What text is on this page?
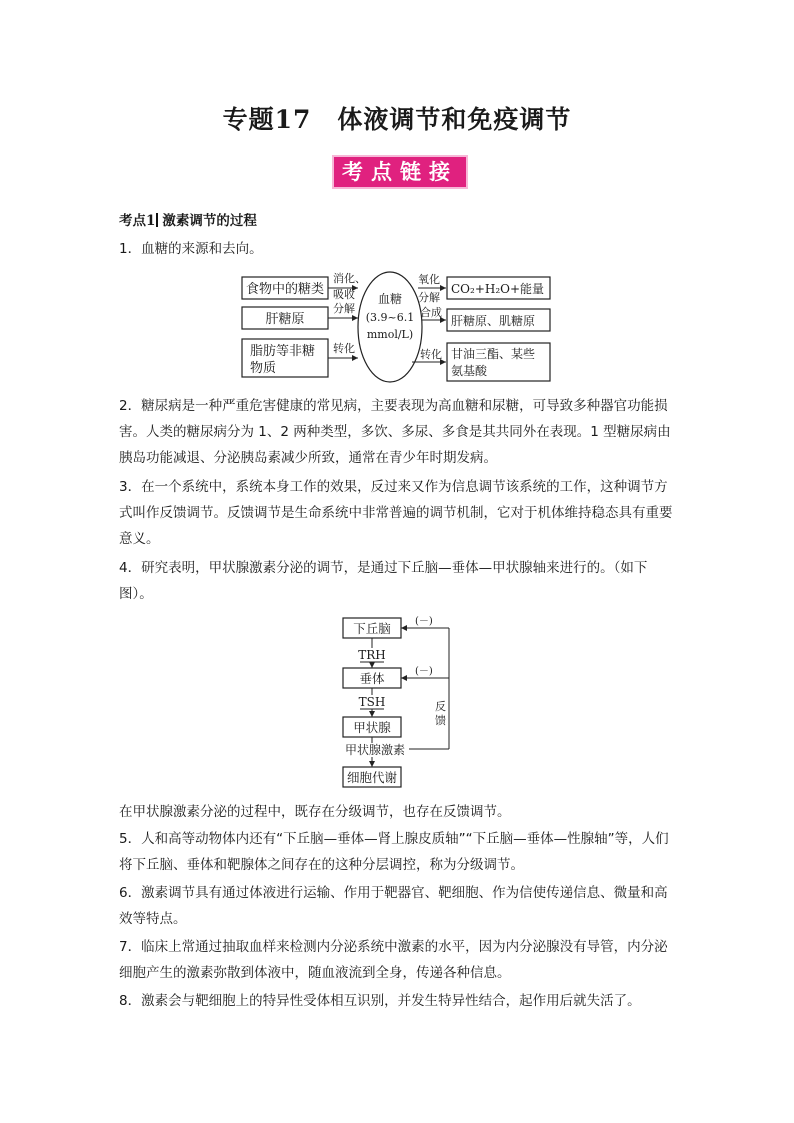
专题17　体液调节和免疫调节
考点链接
考点1 激素调节的过程

1．血糖的来源和去向。

食物中的糖类
肝糖原
脂肪等非糖
物质
消化、
吸收
分解
转化
血糖
(3.9~6.1
mmol/L)
氧化
分解
合成
转化
CO₂+H₂O+能量
肝糖原、肌糖原
甘油三酯、某些
氨基酸

2．糖尿病是一种严重危害健康的常见病，主要表现为高血糖和尿糖，可导致多种器官功能损害。人类的糖尿病分为 1、2 两种类型，多饮、多尿、多食是其共同外在表现。1 型糖尿病由胰岛功能减退、分泌胰岛素减少所致，通常在青少年时期发病。

3．在一个系统中，系统本身工作的效果，反过来又作为信息调节该系统的工作，这种调节方式叫作反馈调节。反馈调节是生命系统中非常普遍的调节机制，它对于机体维持稳态具有重要意义。

4．研究表明，甲状腺激素分泌的调节，是通过下丘脑—垂体—甲状腺轴来进行的。（如下图）。

下丘脑
TRH
垂体
TSH
甲状腺
甲状腺激素
细胞代谢
(－)
(－)
反
馈

在甲状腺激素分泌的过程中，既存在分级调节，也存在反馈调节。

5．人和高等动物体内还有“下丘脑—垂体—肾上腺皮质轴”“下丘脑—垂体—性腺轴”等，人们将下丘脑、垂体和靶腺体之间存在的这种分层调控，称为分级调节。

6．激素调节具有通过体液进行运输、作用于靶器官、靶细胞、作为信使传递信息、微量和高效等特点。

7．临床上常通过抽取血样来检测内分泌系统中激素的水平，因为内分泌腺没有导管，内分泌细胞产生的激素弥散到体液中，随血液流到全身，传递各种信息。

8．激素会与靶细胞上的特异性受体相互识别，并发生特异性结合，起作用后就失活了。
